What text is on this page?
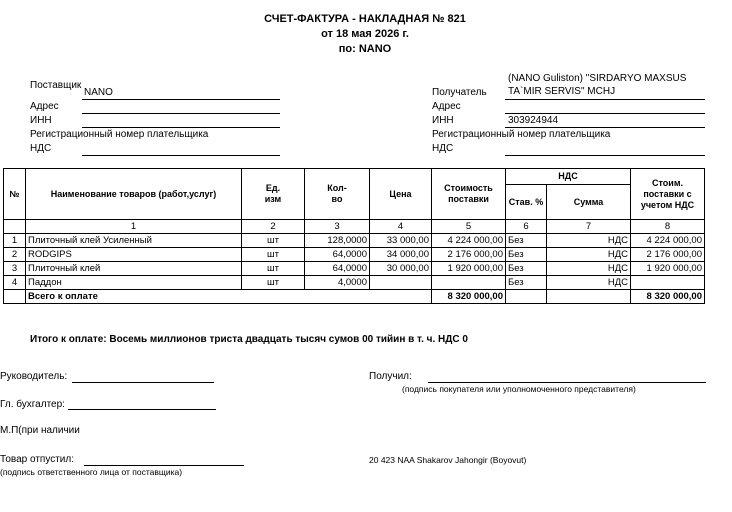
СЧЕТ-ФАКТУРА - НАКЛАДНАЯ № 821
от 18 мая 2026 г.
по: NANO
Поставщик
NANO
Адрес
ИНН
Регистрационный номер плательщика
НДС
(NANO Guliston) "SIRDARYO MAXSUS
TA`MIR SERVIS" MCHJ
Получатель
Адрес
ИНН	303924944
Регистрационный номер плательщика
НДС
№	Наименование товаров (работ,услуг)	Ед. изм	Кол-во	Цена	Стоимость поставки	НДС		Стоим. поставки с учетом НДС
						Став. %	Сумма	
	1	2	3	4	5	6	7	8
1	Плиточный клей Усиленный	шт	128,0000	33 000,00	4 224 000,00	Без	НДС	4 224 000,00
2	RODGIPS	шт	64,0000	34 000,00	2 176 000,00	Без	НДС	2 176 000,00
3	Плиточный клей	шт	64,0000	30 000,00	1 920 000,00	Без	НДС	1 920 000,00
4	Паддон	шт	4,0000			Без	НДС	
	Всего к оплате				8 320 000,00			8 320 000,00
Итого к оплате: Восемь миллионов триста двадцать тысяч сумов 00 тийин в т. ч. НДС 0
Руководитель:	Получил:
(подпись покупателя или уполномоченного представителя)
Гл. бухгалтер:
М.П(при наличии
Товар отпустил:
(подпись ответственного лица от поставщика)
20 423 NAA Shakarov Jahongir (Boyovut)
